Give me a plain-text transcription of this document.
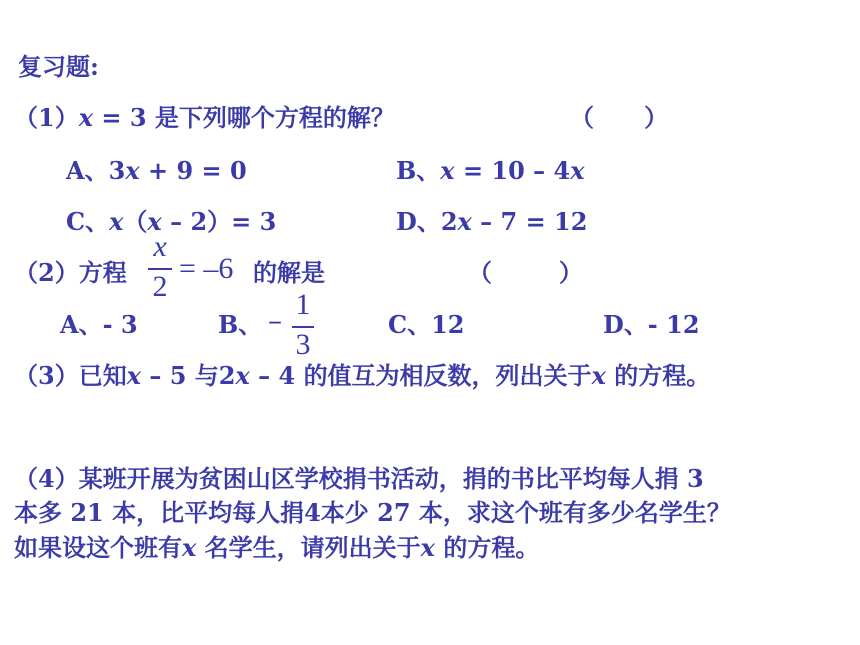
复习题:
（1）x = 3 是下列哪个方程的解？	（      ）
A、3x + 9 = 0	B、x = 10 – 4x
C、x（x – 2）= 3	D、2x – 7 = 12
（2）方程
x
2
= –6 的解是	（        ）
A、- 3	B、 – 1
3
C、12	D、- 12
（3）已知x – 5 与2x – 4 的值互为相反数，列出关于x 的方程。
（4）某班开展为贫困山区学校捐书活动，捐的书比平均每人捐 3
本多 21 本，比平均每人捐4本少 27 本，求这个班有多少名学生？
如果设这个班有x 名学生，请列出关于x 的方程。
